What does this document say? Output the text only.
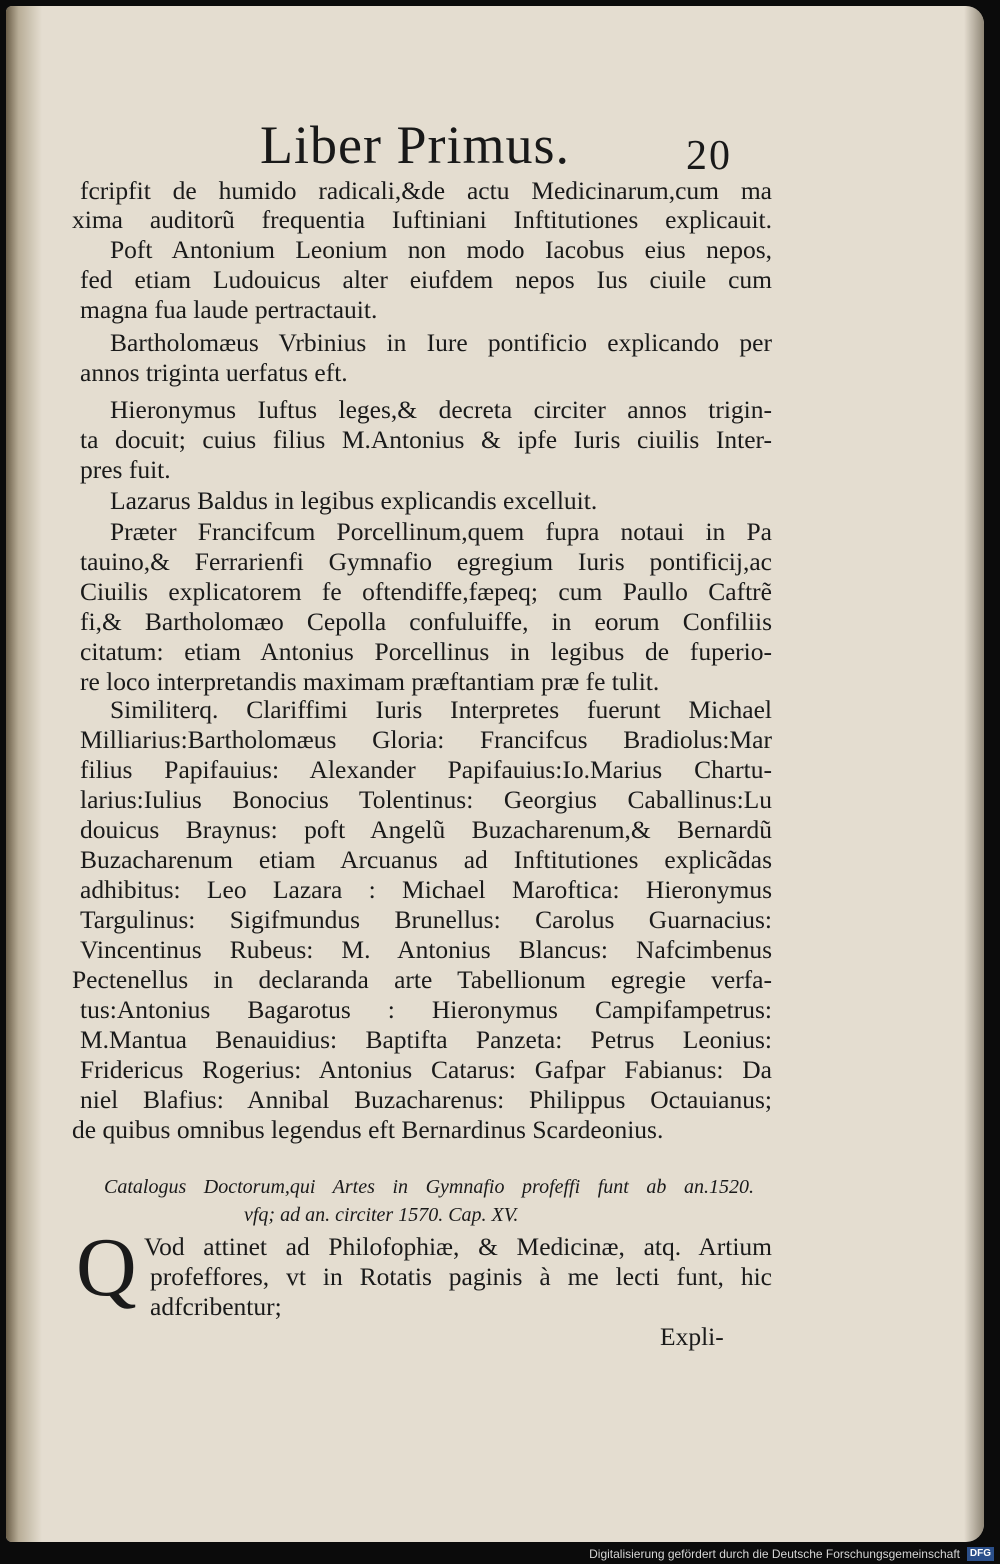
Liber Primus.	20
fcripfit de humido radicali,&de actu Medicinarum,cum ma
xima auditorũ frequentia Iuftiniani Inftitutiones explicauit.
Poft Antonium Leonium non modo Iacobus eius nepos,
fed etiam Ludouicus alter eiufdem nepos Ius ciuile cum
magna fua laude pertractauit.
Bartholomæus Vrbinius in Iure pontificio explicando per
annos triginta uerfatus eft.
Hieronymus Iuftus leges,& decreta circiter annos trigin-
ta docuit; cuius filius M.Antonius & ipfe Iuris ciuilis Inter-
pres fuit.
Lazarus Baldus in legibus explicandis excelluit.
Præter Francifcum Porcellinum,quem fupra notaui in Pa
tauino,& Ferrarienfi Gymnafio egregium Iuris pontificij,ac
Ciuilis explicatorem fe oftendiffe,fæpeq; cum Paullo Caftrẽ
fi,& Bartholomæo Cepolla confuluiffe, in eorum Confiliis
citatum: etiam Antonius Porcellinus in legibus de fuperio-
re loco interpretandis maximam præftantiam præ fe tulit.
Similiterq. Clariffimi Iuris Interpretes fuerunt Michael
Milliarius:Bartholomæus Gloria: Francifcus Bradiolus:Mar
filius Papifauius: Alexander Papifauius:Io.Marius Chartu-
larius:Iulius Bonocius Tolentinus: Georgius Caballinus:Lu
douicus Braynus: poft Angelũ Buzacharenum,& Bernardũ
Buzacharenum etiam Arcuanus ad Inftitutiones explicãdas
adhibitus: Leo Lazara : Michael Maroftica: Hieronymus
Targulinus: Sigifmundus Brunellus: Carolus Guarnacius:
Vincentinus Rubeus: M. Antonius Blancus: Nafcimbenus
Pectenellus in declaranda arte Tabellionum egregie verfa-
tus:Antonius Bagarotus : Hieronymus Campifampetrus:
M.Mantua Benauidius: Baptifta Panzeta: Petrus Leonius:
Fridericus Rogerius: Antonius Catarus: Gafpar Fabianus: Da
niel Blafius: Annibal Buzacharenus: Philippus Octauianus;
de quibus omnibus legendus eft Bernardinus Scardeonius.
Catalogus Doctorum,qui Artes in Gymnafio profeffi funt ab an.1520.
vfq; ad an. circiter 1570. Cap. XV.
Q Vod attinet ad Philofophiæ, & Medicinæ, atq. Artium
profeffores, vt in Rotatis paginis à me lecti funt, hic
adfcribentur;
Expli-
Digitalisierung gefördert durch die Deutsche Forschungsgemeinschaft DFG
